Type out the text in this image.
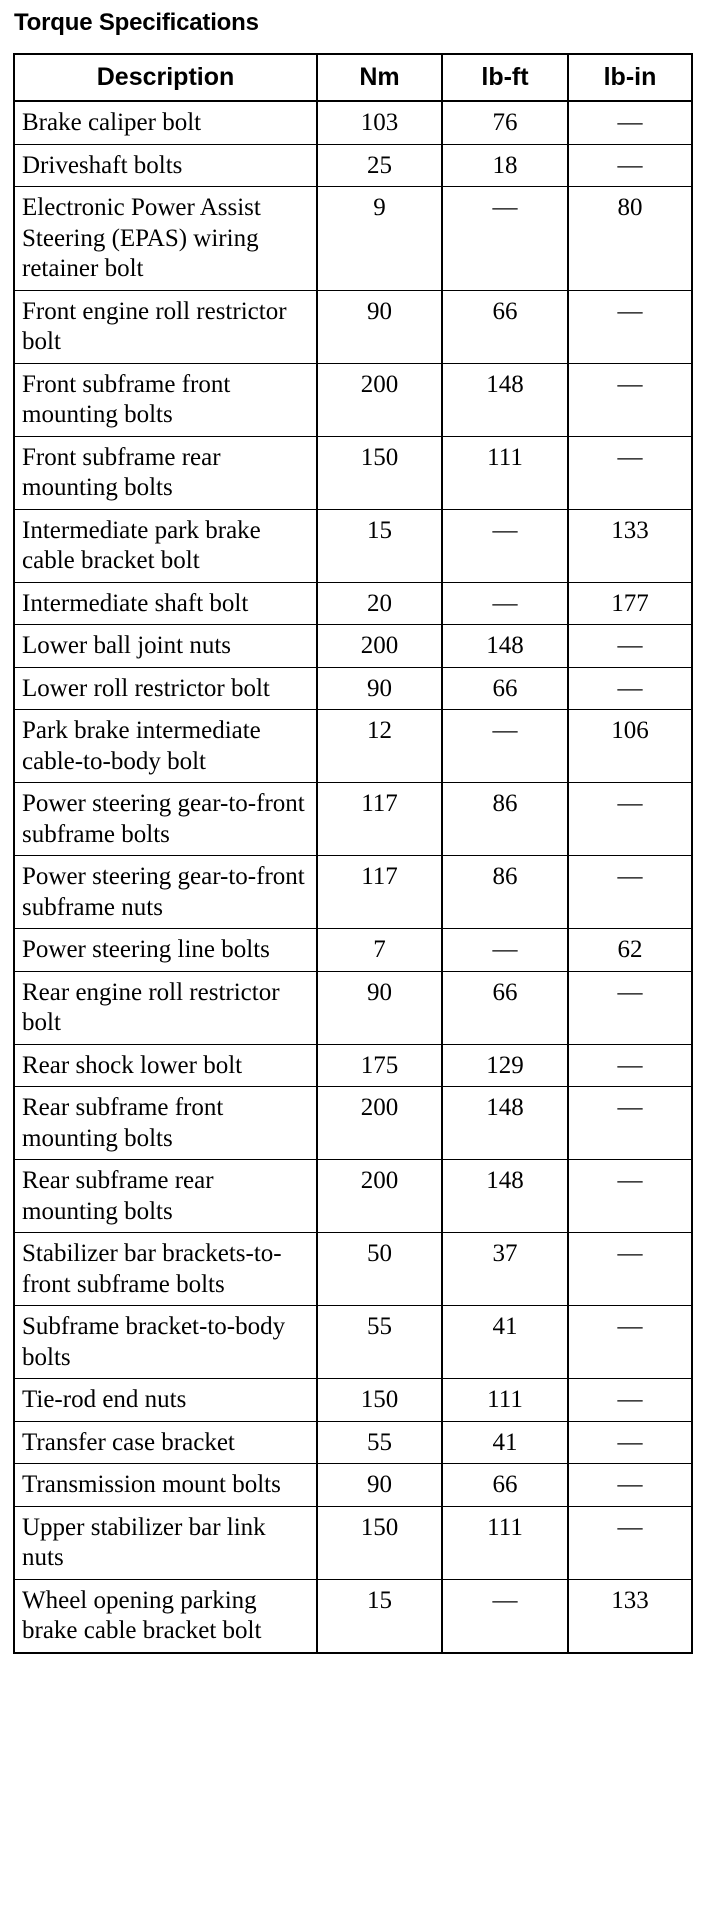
Torque Specifications
Description	Nm	lb-ft	lb-in
Brake caliper bolt	103	76	—
Driveshaft bolts	25	18	—
Electronic Power Assist Steering (EPAS) wiring retainer bolt	9	—	80
Front engine roll restrictor bolt	90	66	—
Front subframe front mounting bolts	200	148	—
Front subframe rear mounting bolts	150	111	—
Intermediate park brake cable bracket bolt	15	—	133
Intermediate shaft bolt	20	—	177
Lower ball joint nuts	200	148	—
Lower roll restrictor bolt	90	66	—
Park brake intermediate cable-to-body bolt	12	—	106
Power steering gear-to-front subframe bolts	117	86	—
Power steering gear-to-front subframe nuts	117	86	—
Power steering line bolts	7	—	62
Rear engine roll restrictor bolt	90	66	—
Rear shock lower bolt	175	129	—
Rear subframe front mounting bolts	200	148	—
Rear subframe rear mounting bolts	200	148	—
Stabilizer bar brackets-to-front subframe bolts	50	37	—
Subframe bracket-to-body bolts	55	41	—
Tie-rod end nuts	150	111	—
Transfer case bracket	55	41	—
Transmission mount bolts	90	66	—
Upper stabilizer bar link nuts	150	111	—
Wheel opening parking brake cable bracket bolt	15	—	133
